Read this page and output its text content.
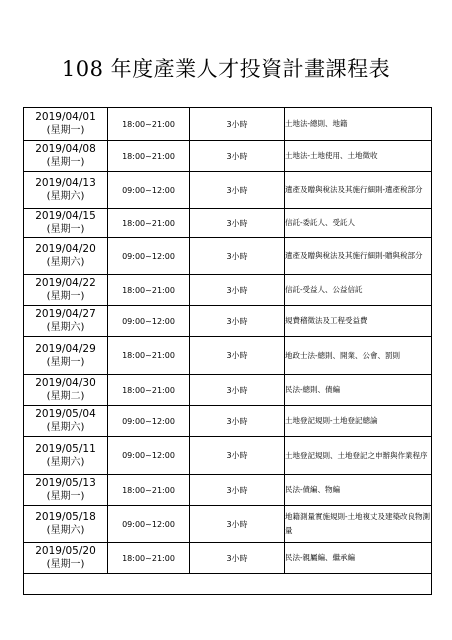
108 年度產業人才投資計畫課程表
2019/04/01
(星期一)	18:00~21:00	3小時	土地法-總則、地籍

2019/04/08
(星期一)	18:00~21:00	3小時	土地法-土地使用、土地徵收

2019/04/13
(星期六)	09:00~12:00	3小時	遺產及贈與稅法及其施行細則-遺產稅部分

2019/04/15
(星期一)	18:00~21:00	3小時	信託-委託人、受託人

2019/04/20
(星期六)	09:00~12:00	3小時	遺產及贈與稅法及其施行細則-贈與稅部分

2019/04/22
(星期一)	18:00~21:00	3小時	信託-受益人、公益信託

2019/04/27
(星期六)	09:00~12:00	3小時	規費稽徵法及工程受益費

2019/04/29
(星期一)	18:00~21:00	3小時	地政士法-總則、開業、公會、罰則

2019/04/30
(星期二)	18:00~21:00	3小時	民法-總則、債編

2019/05/04
(星期六)	09:00~12:00	3小時	土地登記規則-土地登記總論

2019/05/11
(星期六)	09:00~12:00	3小時	土地登記規則、土地登記之申辦與作業程序

2019/05/13
(星期一)	18:00~21:00	3小時	民法-債編、物編

2019/05/18
(星期六)	09:00~12:00	3小時	地籍測量實施規則-土地複丈及建築改良物測量

2019/05/20
(星期一)	18:00~21:00	3小時	民法-親屬編、繼承編
